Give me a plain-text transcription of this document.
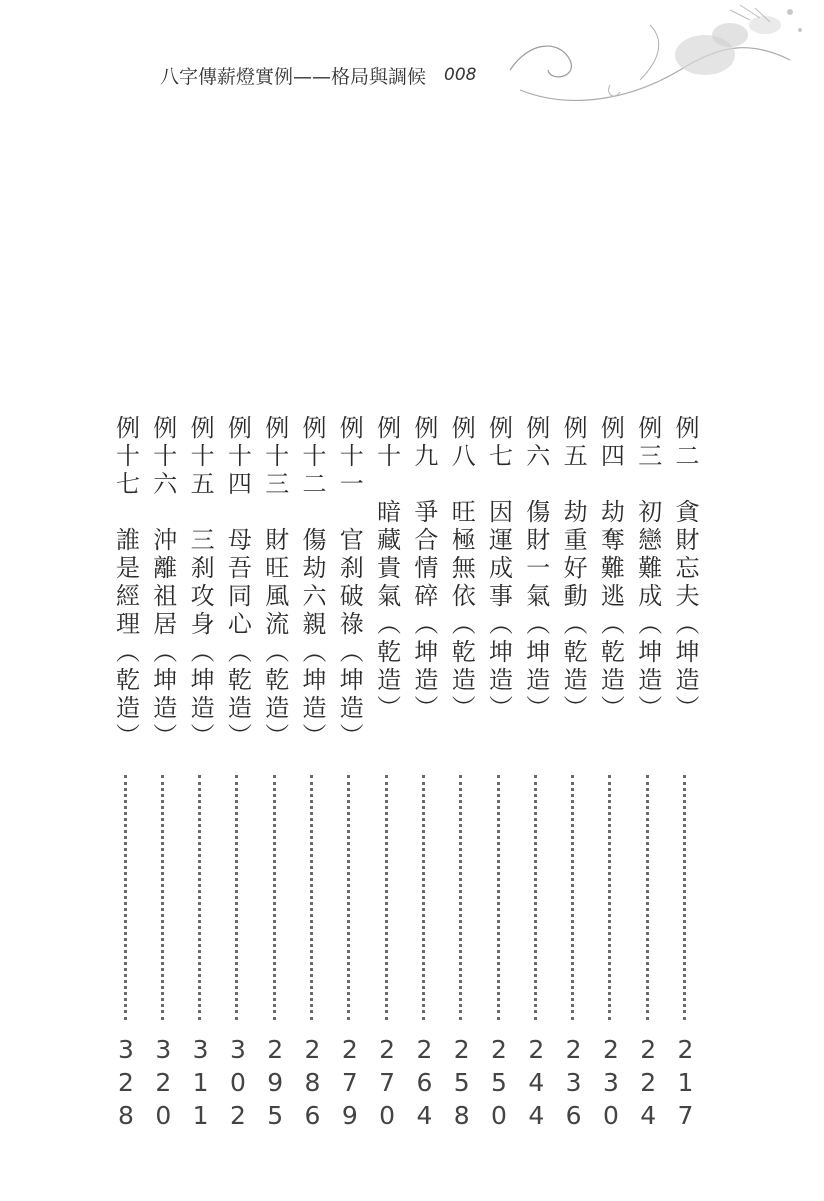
八字傳薪燈實例——格局與調候 008
例二　貪財忘夫（坤造）
217
例三　初戀難成（坤造）
224
例四　劫奪難逃（乾造）
230
例五　劫重好動（乾造）
236
例六　傷財一氣（坤造）
244
例七　因運成事（坤造）
250
例八　旺極無依（乾造）
258
例九　爭合情碎（坤造）
264
例十　暗藏貴氣（乾造）
270
例十一　官刹破祿（坤造）
279
例十二　傷劫六親（坤造）
286
例十三　財旺風流（乾造）
295
例十四　母吾同心（乾造）
302
例十五　三刹攻身（坤造）
311
例十六　沖離祖居（坤造）
320
例十七　誰是經理（乾造）
328
